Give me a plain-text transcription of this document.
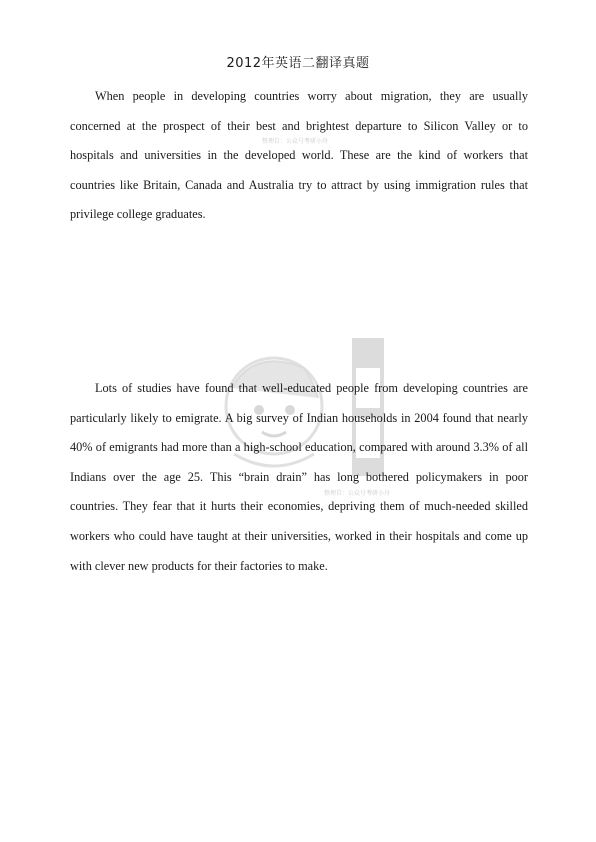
2012年英语二翻译真题
When people in developing countries worry about migration, they are usually concerned at the prospect of their best and brightest departure to Silicon Valley or to hospitals and universities in the developed world. These are the kind of workers that countries like Britain, Canada and Australia try to attract by using immigration rules that privilege college graduates.
整理自：公众号考研小舟
Lots of studies have found that well-educated people from developing countries are particularly likely to emigrate. A big survey of Indian households in 2004 found that nearly 40% of emigrants had more than a high-school education, compared with around 3.3% of all Indians over the age 25. This “brain drain” has long bothered policymakers in poor countries. They fear that it hurts their economies, depriving them of much-needed skilled workers who could have taught at their universities, worked in their hospitals and come up with clever new products for their factories to make.
整理自：公众号考研小舟
